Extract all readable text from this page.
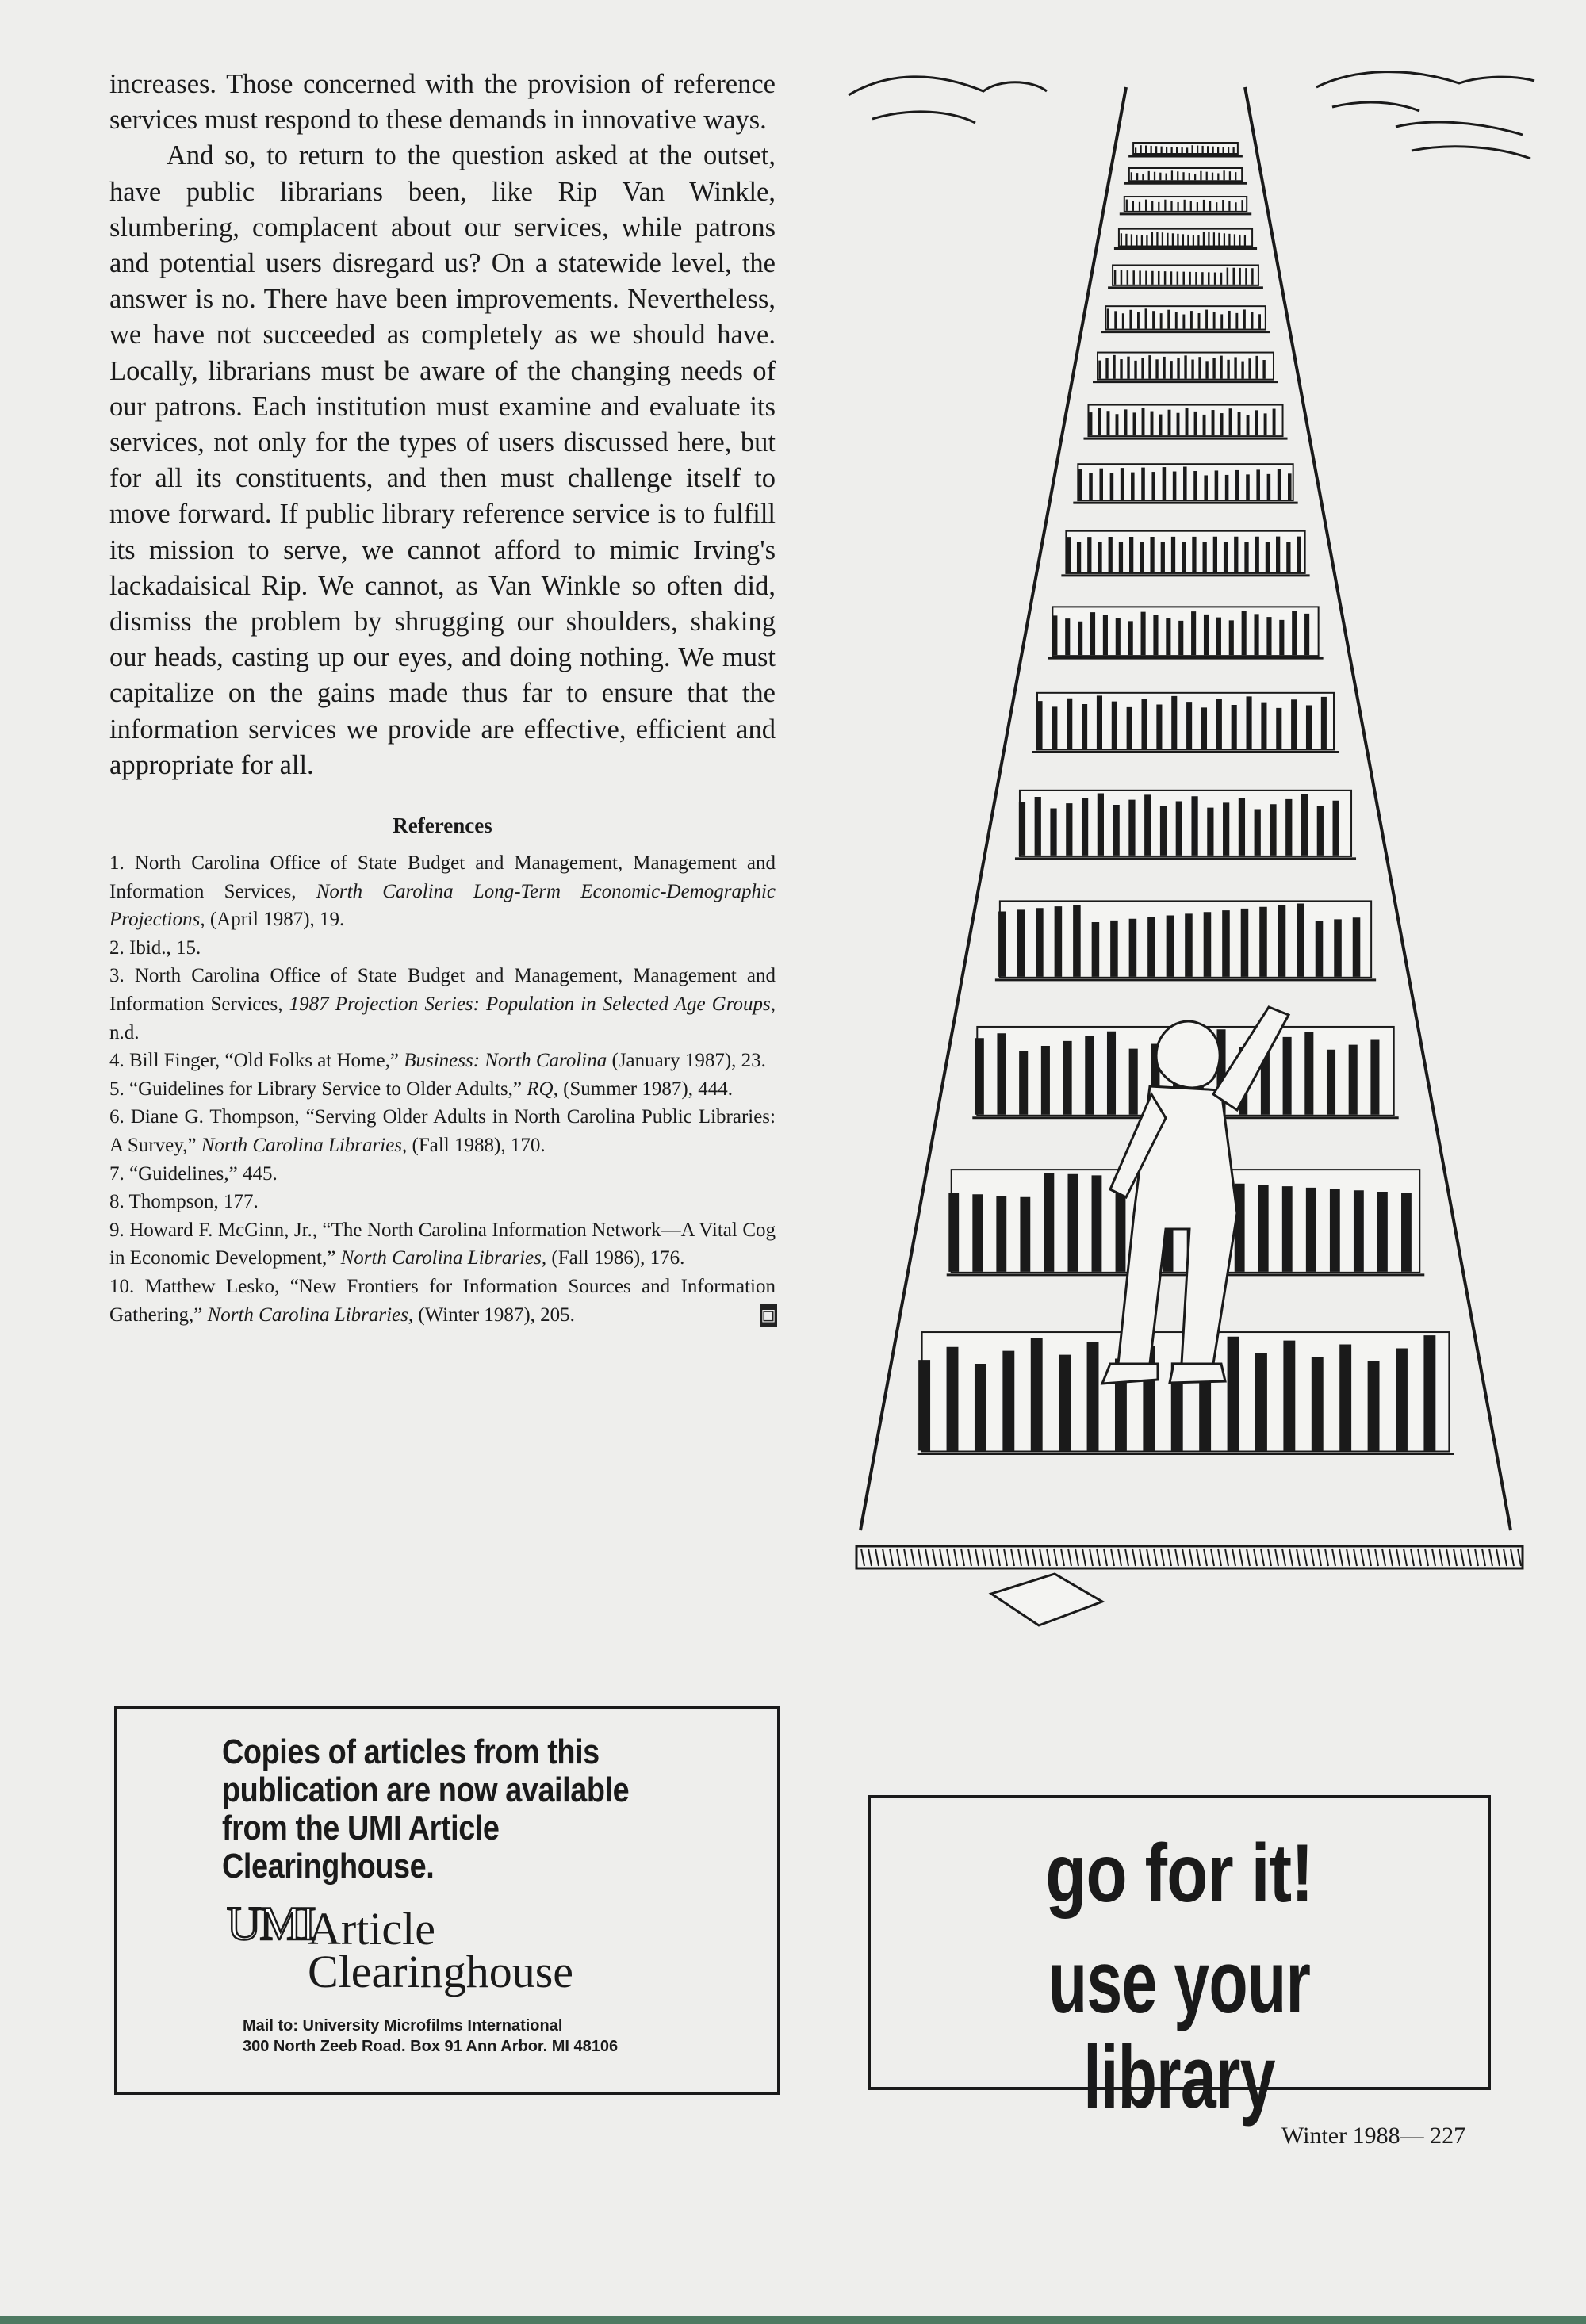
increases. Those concerned with the provision of reference services must respond to these demands in innovative ways.

And so, to return to the question asked at the outset, have public librarians been, like Rip Van Winkle, slumbering, complacent about our services, while patrons and potential users disregard us? On a statewide level, the answer is no. There have been improvements. Nevertheless, we have not succeeded as completely as we should have. Locally, librarians must be aware of the changing needs of our patrons. Each institution must examine and evaluate its services, not only for the types of users discussed here, but for all its constituents, and then must challenge itself to move forward. If public library reference service is to fulfill its mission to serve, we cannot afford to mimic Irving's lackadaisical Rip. We cannot, as Van Winkle so often did, dismiss the problem by shrugging our shoulders, shaking our heads, casting up our eyes, and doing nothing. We must capitalize on the gains made thus far to ensure that the information services we provide are effective, efficient and appropriate for all.

References
1. North Carolina Office of State Budget and Management, Management and Information Services, North Carolina Long-Term Economic-Demographic Projections, (April 1987), 19.
2. Ibid., 15.
3. North Carolina Office of State Budget and Management, Management and Information Services, 1987 Projection Series: Population in Selected Age Groups, n.d.
4. Bill Finger, “Old Folks at Home,” Business: North Carolina (January 1987), 23.
5. “Guidelines for Library Service to Older Adults,” RQ, (Summer 1987), 444.
6. Diane G. Thompson, “Serving Older Adults in North Carolina Public Libraries: A Survey,” North Carolina Libraries, (Fall 1988), 170.
7. “Guidelines,” 445.
8. Thompson, 177.
9. Howard F. McGinn, Jr., “The North Carolina Information Network—A Vital Cog in Economic Development,” North Carolina Libraries, (Fall 1986), 176.
10. Matthew Lesko, “New Frontiers for Information Sources and Information Gathering,” North Carolina Libraries, (Winter 1987), 205.	▣
Copies of articles from this publication are now available from the UMI Article Clearinghouse.
UMI
Article
Clearinghouse
Mail to: University Microfilms International
300 North Zeeb Road. Box 91 Ann Arbor. MI 48106
go for it!
use your library
Winter 1988— 227
